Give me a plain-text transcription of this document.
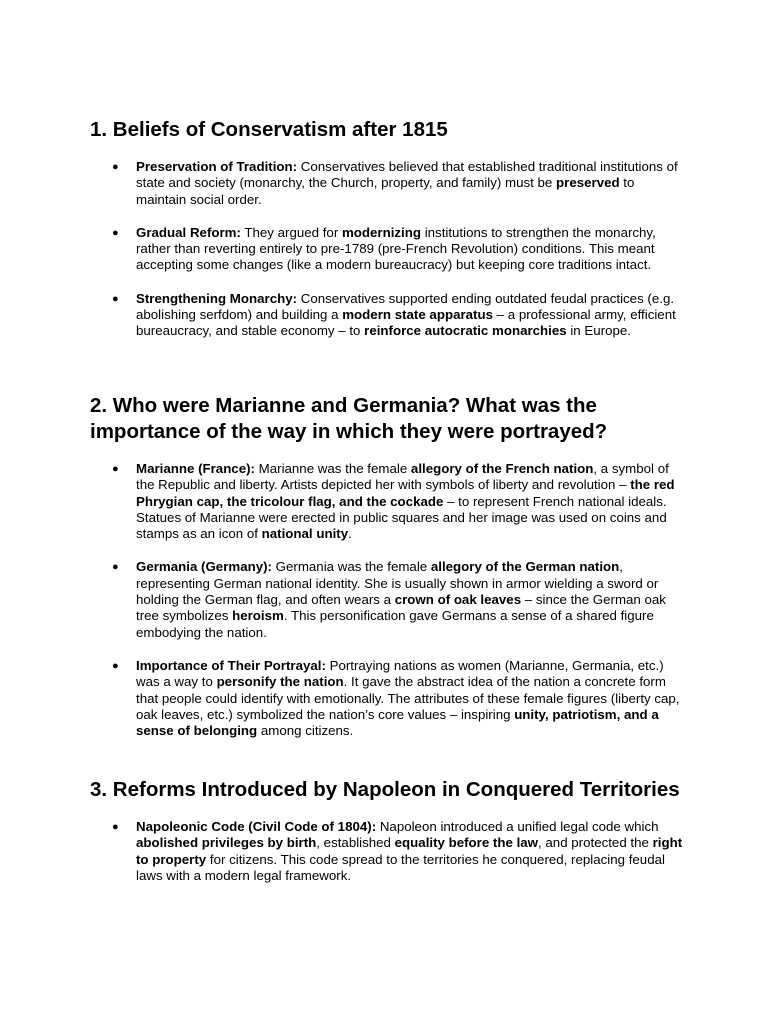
1. Beliefs of Conservatism after 1815
● Preservation of Tradition: Conservatives believed that established traditional institutions of state and society (monarchy, the Church, property, and family) must be preserved to maintain social order.
● Gradual Reform: They argued for modernizing institutions to strengthen the monarchy, rather than reverting entirely to pre-1789 (pre-French Revolution) conditions. This meant accepting some changes (like a modern bureaucracy) but keeping core traditions intact.
● Strengthening Monarchy: Conservatives supported ending outdated feudal practices (e.g. abolishing serfdom) and building a modern state apparatus – a professional army, efficient bureaucracy, and stable economy – to reinforce autocratic monarchies in Europe.
2. Who were Marianne and Germania? What was the importance of the way in which they were portrayed?
● Marianne (France): Marianne was the female allegory of the French nation, a symbol of the Republic and liberty. Artists depicted her with symbols of liberty and revolution – the red Phrygian cap, the tricolour flag, and the cockade – to represent French national ideals. Statues of Marianne were erected in public squares and her image was used on coins and stamps as an icon of national unity.
● Germania (Germany): Germania was the female allegory of the German nation, representing German national identity. She is usually shown in armor wielding a sword or holding the German flag, and often wears a crown of oak leaves – since the German oak tree symbolizes heroism. This personification gave Germans a sense of a shared figure embodying the nation.
● Importance of Their Portrayal: Portraying nations as women (Marianne, Germania, etc.) was a way to personify the nation. It gave the abstract idea of the nation a concrete form that people could identify with emotionally. The attributes of these female figures (liberty cap, oak leaves, etc.) symbolized the nation’s core values – inspiring unity, patriotism, and a sense of belonging among citizens.
3. Reforms Introduced by Napoleon in Conquered Territories
● Napoleonic Code (Civil Code of 1804): Napoleon introduced a unified legal code which abolished privileges by birth, established equality before the law, and protected the right to property for citizens. This code spread to the territories he conquered, replacing feudal laws with a modern legal framework.
